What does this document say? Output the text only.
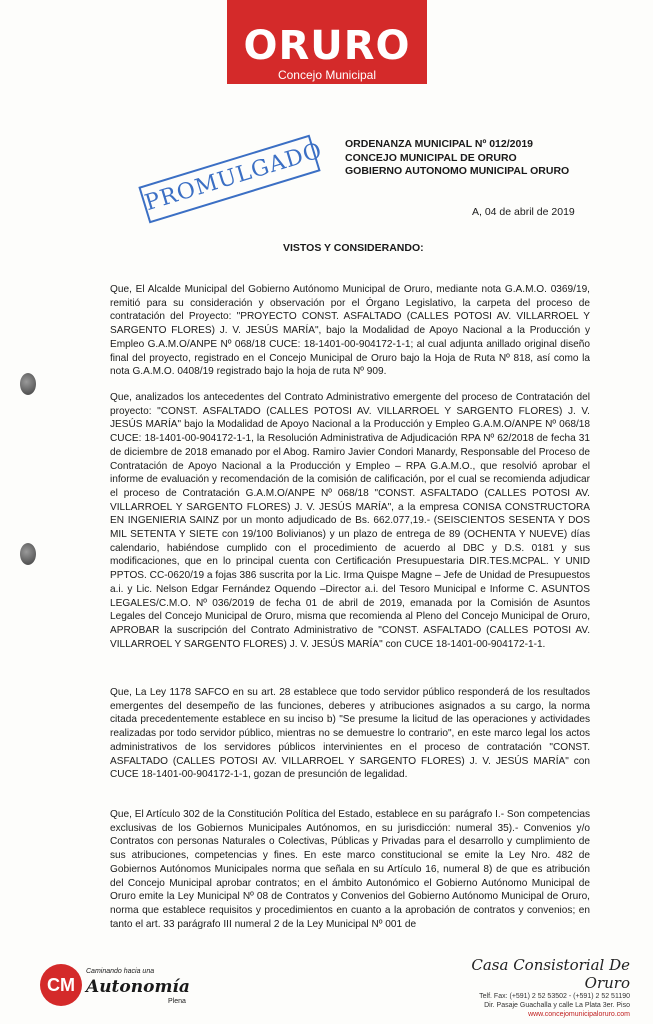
ORURO
Concejo Municipal
ORDENANZA MUNICIPAL Nº 012/2019
CONCEJO MUNICIPAL DE ORURO
GOBIERNO AUTONOMO MUNICIPAL ORURO
PROMULGADO	A, 04 de abril de 2019
VISTOS Y CONSIDERANDO:
Que, El Alcalde Municipal del Gobierno Autónomo Municipal de Oruro, mediante nota G.A.M.O. 0369/19, remitió para su consideración y observación por el Órgano Legislativo, la carpeta del proceso de contratación del Proyecto: "PROYECTO CONST. ASFALTADO (CALLES POTOSI AV. VILLARROEL Y SARGENTO FLORES) J. V. JESÚS MARÍA", bajo la Modalidad de Apoyo Nacional a la Producción y Empleo G.A.M.O/ANPE Nº 068/18 CUCE: 18-1401-00-904172-1-1; al cual adjunta anillado original diseño final del proyecto, registrado en el Concejo Municipal de Oruro bajo la Hoja de Ruta Nº 818, así como la nota G.A.M.O. 0408/19 registrado bajo la hoja de ruta Nº 909.
Que, analizados los antecedentes del Contrato Administrativo emergente del proceso de Contratación del proyecto: "CONST. ASFALTADO (CALLES POTOSI AV. VILLARROEL Y SARGENTO FLORES) J. V. JESÚS MARÍA" bajo la Modalidad de Apoyo Nacional a la Producción y Empleo G.A.M.O/ANPE Nº 068/18 CUCE: 18-1401-00-904172-1-1, la Resolución Administrativa de Adjudicación RPA Nº 62/2018 de fecha 31 de diciembre de 2018 emanado por el Abog. Ramiro Javier Condori Manardy, Responsable del Proceso de Contratación de Apoyo Nacional a la Producción y Empleo – RPA G.A.M.O., que resolvió aprobar el informe de evaluación y recomendación de la comisión de calificación, por el cual se recomienda adjudicar el proceso de Contratación G.A.M.O/ANPE Nº 068/18 "CONST. ASFALTADO (CALLES POTOSI AV. VILLARROEL Y SARGENTO FLORES) J. V. JESÚS MARÍA", a la empresa CONISA CONSTRUCTORA EN INGENIERIA SAINZ por un monto adjudicado de Bs. 662.077,19.- (SEISCIENTOS SESENTA Y DOS MIL SETENTA Y SIETE con 19/100 Bolivianos) y un plazo de entrega de 89 (OCHENTA Y NUEVE) días calendario, habiéndose cumplido con el procedimiento de acuerdo al DBC y D.S. 0181 y sus modificaciones, que en lo principal cuenta con Certificación Presupuestaria DIR.TES.MCPAL. Y UNID PPTOS. CC-0620/19 a fojas 386 suscrita por la Lic. Irma Quispe Magne – Jefe de Unidad de Presupuestos a.i. y Lic. Nelson Edgar Fernández Oquendo –Director a.i. del Tesoro Municipal e Informe C. ASUNTOS LEGALES/C.M.O. Nº 036/2019 de fecha 01 de abril de 2019, emanada por la Comisión de Asuntos Legales del Concejo Municipal de Oruro, misma que recomienda al Pleno del Concejo Municipal de Oruro, APROBAR la suscripción del Contrato Administrativo de "CONST. ASFALTADO (CALLES POTOSI AV. VILLARROEL Y SARGENTO FLORES) J. V. JESÚS MARÍA" con CUCE 18-1401-00-904172-1-1.
Que, La Ley 1178 SAFCO en su art. 28 establece que todo servidor público responderá de los resultados emergentes del desempeño de las funciones, deberes y atribuciones asignados a su cargo, la norma citada precedentemente establece en su inciso b) "Se presume la licitud de las operaciones y actividades realizadas por todo servidor público, mientras no se demuestre lo contrario", en este marco legal los actos administrativos de los servidores públicos intervinientes en el proceso de contratación "CONST. ASFALTADO (CALLES POTOSI AV. VILLARROEL Y SARGENTO FLORES) J. V. JESÚS MARÍA" con CUCE 18-1401-00-904172-1-1, gozan de presunción de legalidad.
Que, El Artículo 302 de la Constitución Política del Estado, establece en su parágrafo I.- Son competencias exclusivas de los Gobiernos Municipales Autónomos, en su jurisdicción: numeral 35).- Convenios y/o Contratos con personas Naturales o Colectivas, Públicas y Privadas para el desarrollo y cumplimiento de sus atribuciones, competencias y fines. En este marco constitucional se emite la Ley Nro. 482 de Gobiernos Autónomos Municipales norma que señala en su Artículo 16, numeral 8) de que es atribución del Concejo Municipal aprobar contratos; en el ámbito Autonómico el Gobierno Autónomo Municipal de Oruro emite la Ley Municipal Nº 08 de Contratos y Convenios del Gobierno Autónomo Municipal de Oruro, norma que establece requisitos y procedimientos en cuanto a la aprobación de contratos y convenios; en tanto el art. 33 parágrafo III numeral 2 de la Ley Municipal Nº 001 de
CM
Caminando hacia una
Autonomía
Plena
Casa Consistorial De Oruro
Telf. Fax: (+591) 2 52 53502 - (+591) 2 52 51190
Dir. Pasaje Guachalla y calle La Plata 3er. Piso
www.concejomunicipaloruro.com
